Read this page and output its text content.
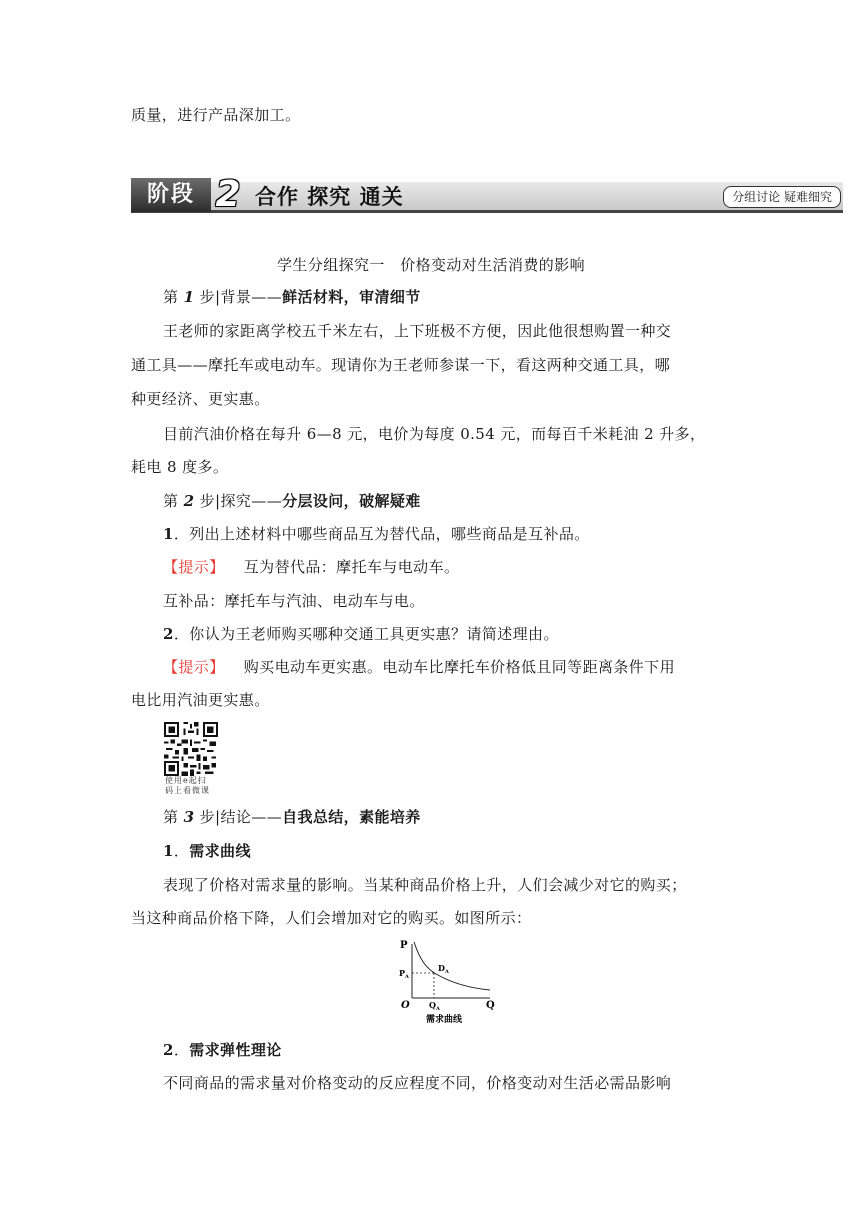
质量，进行产品深加工。
阶段 2 合作 探究 通关	分组讨论 疑难细究
学生分组探究一　价格变动对生活消费的影响
第 1 步|背景——鲜活材料，审清细节
王老师的家距离学校五千米左右，上下班极不方便，因此他很想购置一种交
通工具——摩托车或电动车。现请你为王老师参谋一下，看这两种交通工具，哪
种更经济、更实惠。
目前汽油价格在每升 6—8 元，电价为每度 0.54 元，而每百千米耗油 2 升多，
耗电 8 度多。
第 2 步|探究——分层设问，破解疑难
1．列出上述材料中哪些商品互为替代品，哪些商品是互补品。
【提示】 互为替代品：摩托车与电动车。
互补品：摩托车与汽油、电动车与电。
2．你认为王老师购买哪种交通工具更实惠？请简述理由。
【提示】 购买电动车更实惠。电动车比摩托车价格低且同等距离条件下用
电比用汽油更实惠。
使用e起扫
码上看微课
第 3 步|结论——自我总结，素能培养
1．需求曲线
表现了价格对需求量的影响。当某种商品价格上升，人们会减少对它的购买；
当这种商品价格下降，人们会增加对它的购买。如图所示：
P
Q
O
$P_A$
$D_A$
$Q_A$
需求曲线
2．需求弹性理论
不同商品的需求量对价格变动的反应程度不同，价格变动对生活必需品影响
